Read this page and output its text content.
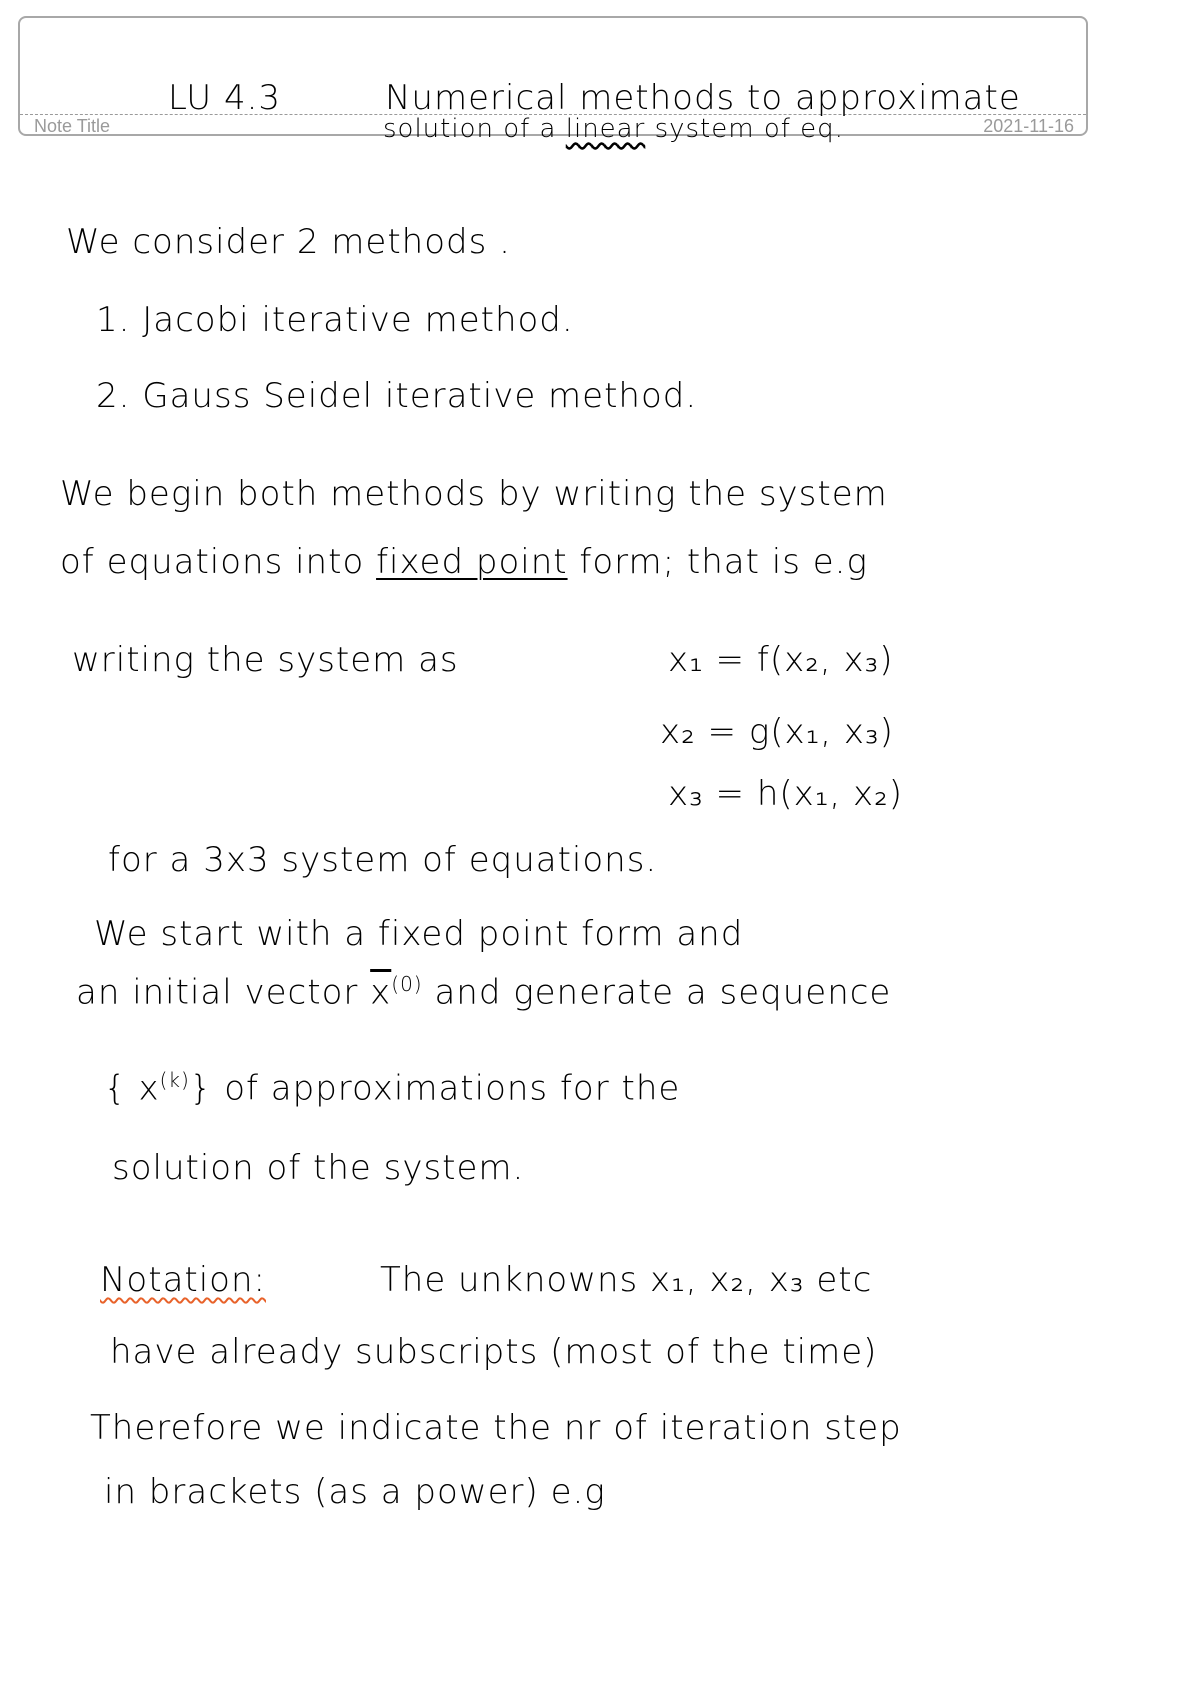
Note Title	2021-11-16
LU 4.3	Numerical methods to approximate
solution of a linear system of eq.
We consider 2 methods .
1. Jacobi iterative method.
2. Gauss Seidel iterative method.
We begin both methods by writing the system
of equations into fixed point form; that is e.g
writing the system as	x₁ = f(x₂, x₃)
x₂ = g(x₁, x₃)
x₃ = h(x₁, x₂)
for a 3x3 system of equations.
We start with a fixed point form and
an initial vector $\overline{x}^{(0)}$ and generate a sequence
{ $x^{(k)}$} of approximations for the
solution of the system.
Notation:	The unknowns x₁, x₂, x₃ etc
have already subscripts (most of the time)
Therefore we indicate the nr of iteration step
in brackets (as a power) e.g
